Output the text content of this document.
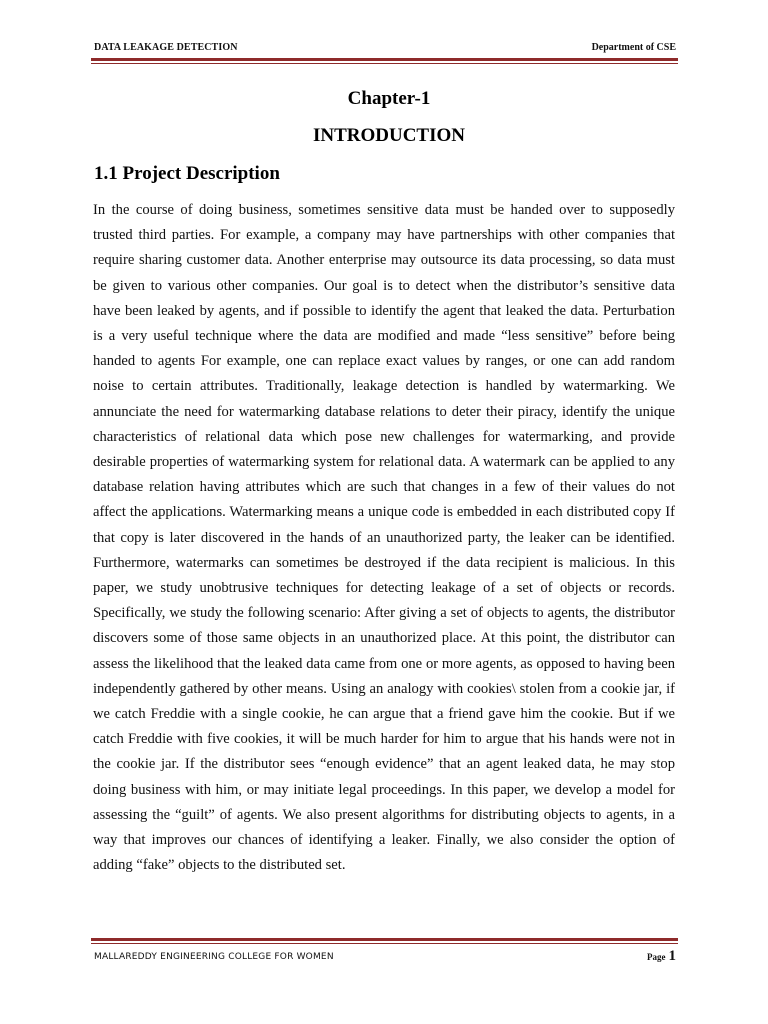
DATA LEAKAGE DETECTION	Department of CSE
Chapter-1
INTRODUCTION
1.1 Project Description

In the course of doing business, sometimes sensitive data must be handed over to supposedly trusted third parties. For example, a company may have partnerships with other companies that require sharing customer data. Another enterprise may outsource its data processing, so data must be given to various other companies. Our goal is to detect when the distributor’s sensitive data have been leaked by agents, and if possible to identify the agent that leaked the data. Perturbation is a very useful technique where the data are modified and made “less sensitive” before being handed to agents For example, one can replace exact values by ranges, or one can add random noise to certain attributes. Traditionally, leakage detection is handled by watermarking. We annunciate the need for watermarking database relations to deter their piracy, identify the unique characteristics of relational data which pose new challenges for watermarking, and provide desirable properties of watermarking system for relational data. A watermark can be applied to any database relation having attributes which are such that changes in a few of their values do not affect the applications. Watermarking means a unique code is embedded in each distributed copy If that copy is later discovered in the hands of an unauthorized party, the leaker can be identified. Furthermore, watermarks can sometimes be destroyed if the data recipient is malicious. In this paper, we study unobtrusive techniques for detecting leakage of a set of objects or records. Specifically, we study the following scenario: After giving a set of objects to agents, the distributor discovers some of those same objects in an unauthorized place. At this point, the distributor can assess the likelihood that the leaked data came from one or more agents, as opposed to having been independently gathered by other means. Using an analogy with cookies\ stolen from a cookie jar, if we catch Freddie with a single cookie, he can argue that a friend gave him the cookie. But if we catch Freddie with five cookies, it will be much harder for him to argue that his hands were not in the cookie jar. If the distributor sees “enough evidence” that an agent leaked data, he may stop doing business with him, or may initiate legal proceedings. In this paper, we develop a model for assessing the “guilt” of agents. We also present algorithms for distributing objects to agents, in a way that improves our chances of identifying a leaker. Finally, we also consider the option of adding “fake” objects to the distributed set.

MALLAREDDY ENGINEERING COLLEGE FOR WOMEN	Page 1
